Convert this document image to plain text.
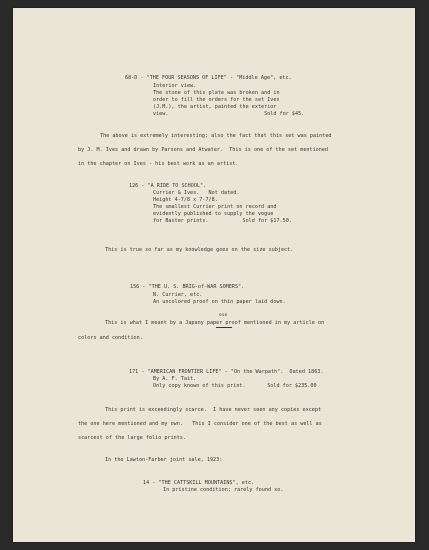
68-D - "THE FOUR SEASONS OF LIFE" - "Middle Age", etc.
Interior view.
The stone of this plate was broken and in
order to fill the orders for the set Ives
(J.M.), the artist, painted the exterior
view.                               Sold for $45.
The above is extremely interesting; also the fact that this set was painted
by J. M. Ives and drawn by Parsons and Atwater.  This is one of the set mentioned
in the chapter on Ives - his best work as an artist.
126 - "A RIDE TO SCHOOL".
Currier & Ives.   Not dated.
Height 4-7/8 x 7-7/8.
The smallest Currier print on record and
evidently published to supply the vogue
for Baxter prints.           Sold for $17.50.
This is true so far as my knowledge goes on the size subject.
156 - "THE U. S. BRIG-of-WAR SOMERS".
N. Currier, etc.
An uncolored proof on thin paper laid down.
ese
This is what I meant by a Japany paper proof mentioned in my article on
colors and condition.
171 - "AMERICAN FRONTIER LIFE" - "On the Warpath".  Dated 1863.
By A. F. Tait.
Only copy known of this print.       Sold for $235.00
This print is exceedingly scarce.  I have never seen any copies except
the one here mentioned and my own.   This I consider one of the best as well as
scarcest of the large folio prints.
In the Lawton-Farber joint sale, 1923:
14 - "THE CATTSKILL MOUNTAINS", etc.
In pristine condition; rarely found so.
